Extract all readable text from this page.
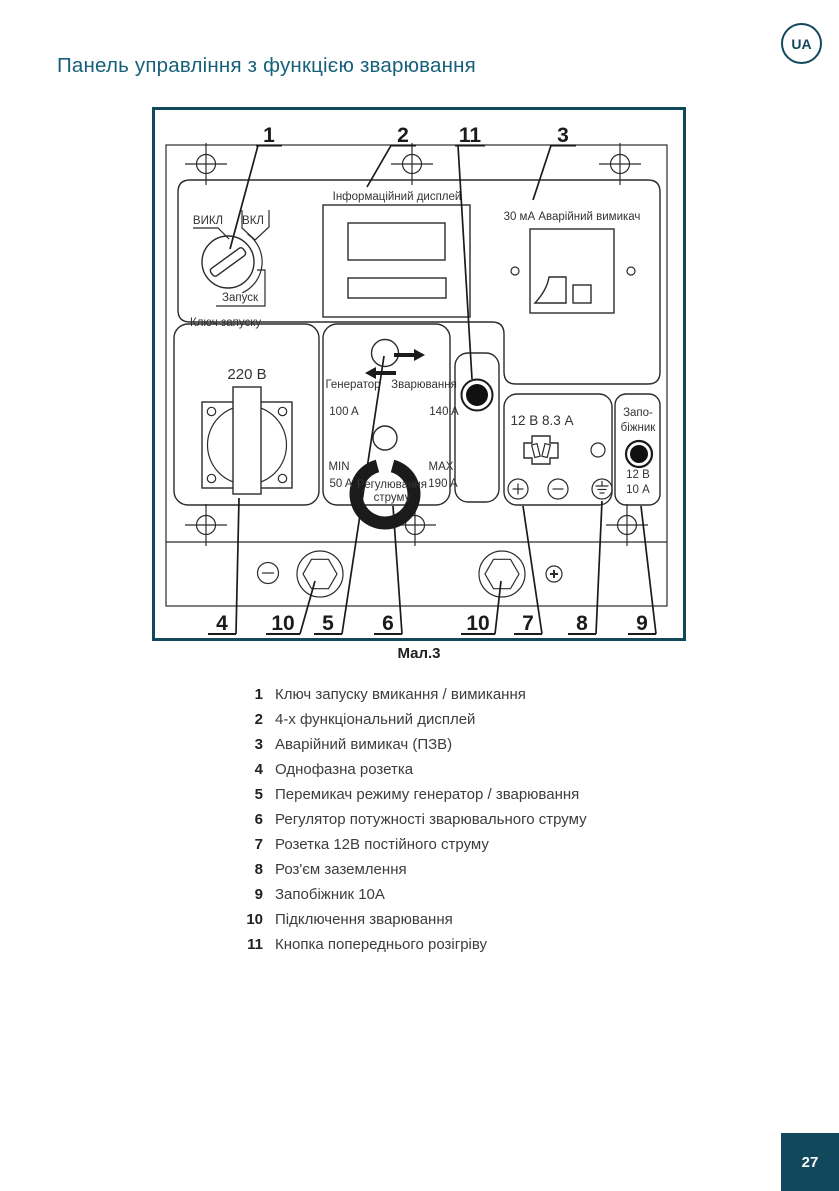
Панель управління з функцією зварювання
UA
ВИКЛ ВКЛ
Запуск
Ключ запуску
Інформаційний дисплей
30 мА Аварійний вимикач
220 В
Генератор Зварювання
100 A	140 A
MIN
50 A
MAX
190 A
Регулювання
струму
12 В 8.3 А	Запо-
біжник
12 В
10 А
1	2 11	3
4 10 5 6	10 7 8 9
Мал.3
1 Ключ запуску вмикання / вимикання
2 4-х функціональний дисплей
3 Аварійний вимикач (ПЗВ)
4 Однофазна розетка
5 Перемикач режиму генератор / зварювання
6 Регулятор потужності зварювального струму
7 Розетка 12В постійного струму
8 Роз'єм заземлення
9 Запобіжник 10А
10 Підключення зварювання
11 Кнопка попереднього розігріву
27
